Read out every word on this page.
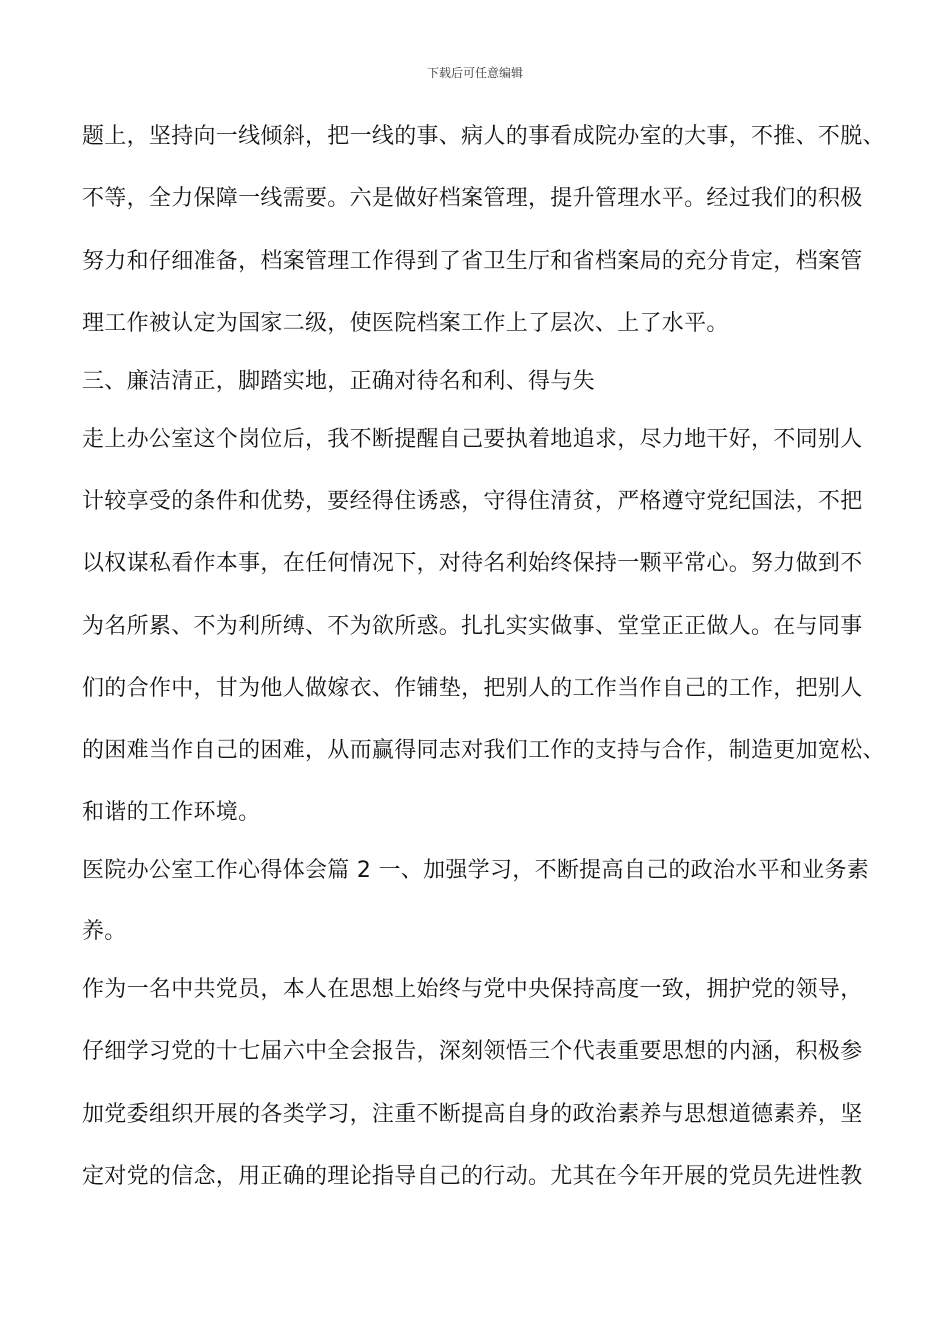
下载后可任意编辑
题上，坚持向一线倾斜，把一线的事、病人的事看成院办室的大事，不推、不脱、
不等，全力保障一线需要。六是做好档案管理，提升管理水平。经过我们的积极
努力和仔细准备，档案管理工作得到了省卫生厅和省档案局的充分肯定，档案管
理工作被认定为国家二级，使医院档案工作上了层次、上了水平。
三、廉洁清正，脚踏实地，正确对待名和利、得与失
走上办公室这个岗位后，我不断提醒自己要执着地追求，尽力地干好，不同别人
计较享受的条件和优势，要经得住诱惑，守得住清贫，严格遵守党纪国法，不把
以权谋私看作本事，在任何情况下，对待名利始终保持一颗平常心。努力做到不
为名所累、不为利所缚、不为欲所惑。扎扎实实做事、堂堂正正做人。在与同事
们的合作中，甘为他人做嫁衣、作铺垫，把别人的工作当作自己的工作，把别人
的困难当作自己的困难，从而赢得同志对我们工作的支持与合作，制造更加宽松、
和谐的工作环境。
医院办公室工作心得体会篇 2 一、加强学习，不断提高自己的政治水平和业务素
养。
作为一名中共党员，本人在思想上始终与党中央保持高度一致，拥护党的领导，
仔细学习党的十七届六中全会报告，深刻领悟三个代表重要思想的内涵，积极参
加党委组织开展的各类学习，注重不断提高自身的政治素养与思想道德素养，坚
定对党的信念，用正确的理论指导自己的行动。尤其在今年开展的党员先进性教
